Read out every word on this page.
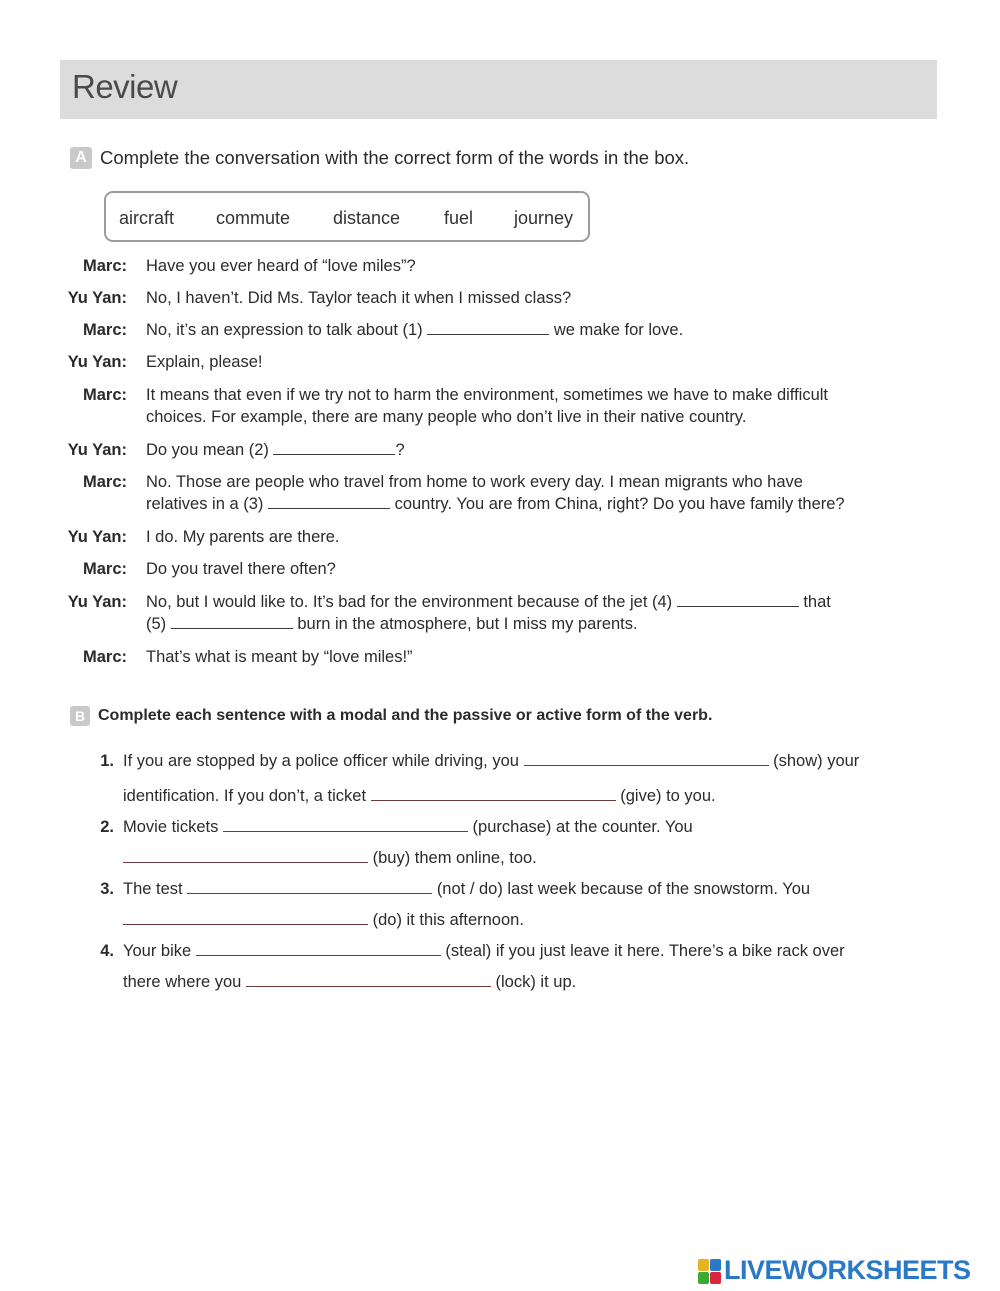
Review
A Complete the conversation with the correct form of the words in the box.
aircraft commute distance fuel journey
Marc: Have you ever heard of “love miles”?
Yu Yan: No, I haven’t. Did Ms. Taylor teach it when I missed class?
Marc: No, it’s an expression to talk about (1)	we make for love.
Yu Yan: Explain, please!
Marc: It means that even if we try not to harm the environment, sometimes we have to make difficult
choices. For example, there are many people who don’t live in their native country.
Yu Yan: Do you mean (2)	?
Marc: No. Those are people who travel from home to work every day. I mean migrants who have
relatives in a (3)	country. You are from China, right? Do you have family there?
Yu Yan: I do. My parents are there.
Marc: Do you travel there often?
Yu Yan: No, but I would like to. It’s bad for the environment because of the jet (4)	that
(5)	burn in the atmosphere, but I miss my parents.
Marc: That’s what is meant by “love miles!”
B Complete each sentence with a modal and the passive or active form of the verb.
1. If you are stopped by a police officer while driving, you	(show) your
identification. If you don’t, a ticket	(give) to you.
2. Movie tickets	(purchase) at the counter. You
(buy) them online, too.
3. The test	(not / do) last week because of the snowstorm. You
(do) it this afternoon.
4. Your bike	(steal) if you just leave it here. There’s a bike rack over
there where you	(lock) it up.
LIVEWORKSHEETS
